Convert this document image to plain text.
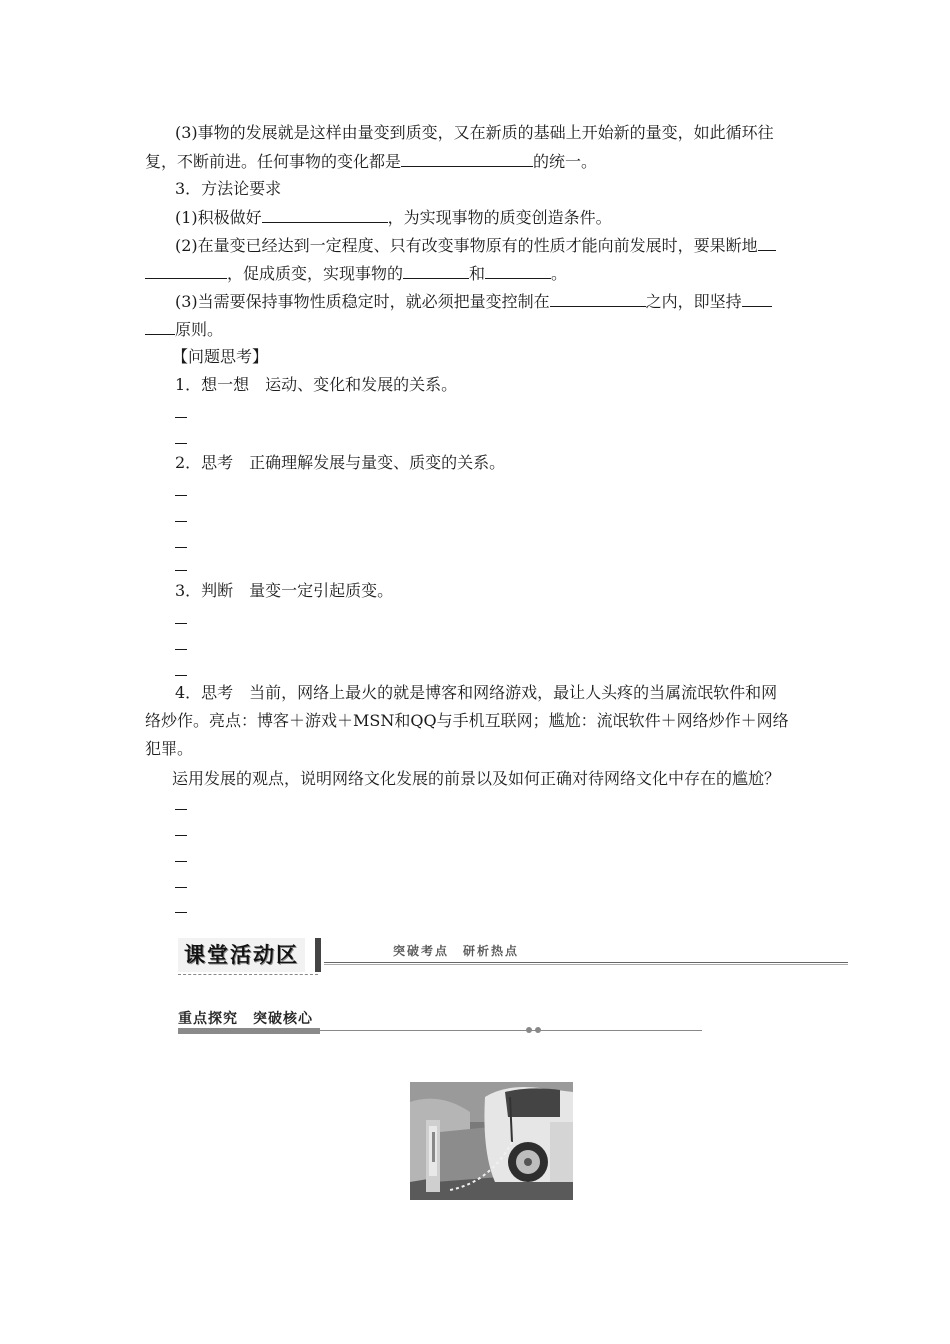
(3)事物的发展就是这样由量变到质变，又在新质的基础上开始新的量变，如此循环往
复，不断前进。任何事物的变化都是	的统一。
3．方法论要求
(1)积极做好	，为实现事物的质变创造条件。
(2)在量变已经达到一定程度、只有改变事物原有的性质才能向前发展时，要果断地
，促成质变，实现事物的	和	。
(3)当需要保持事物性质稳定时，就必须把量变控制在	之内，即坚持
原则。
【问题思考】
1．想一想　运动、变化和发展的关系。
2．思考　正确理解发展与量变、质变的关系。
3．判断　量变一定引起质变。
4．思考　当前，网络上最火的就是博客和网络游戏，最让人头疼的当属流氓软件和网
络炒作。亮点：博客＋游戏＋MSN和QQ与手机互联网；尴尬：流氓软件＋网络炒作＋网络
犯罪。
运用发展的观点，说明网络文化发展的前景以及如何正确对待网络文化中存在的尴尬？
课堂活动区	突破考点　研析热点
重点探究　突破核心
